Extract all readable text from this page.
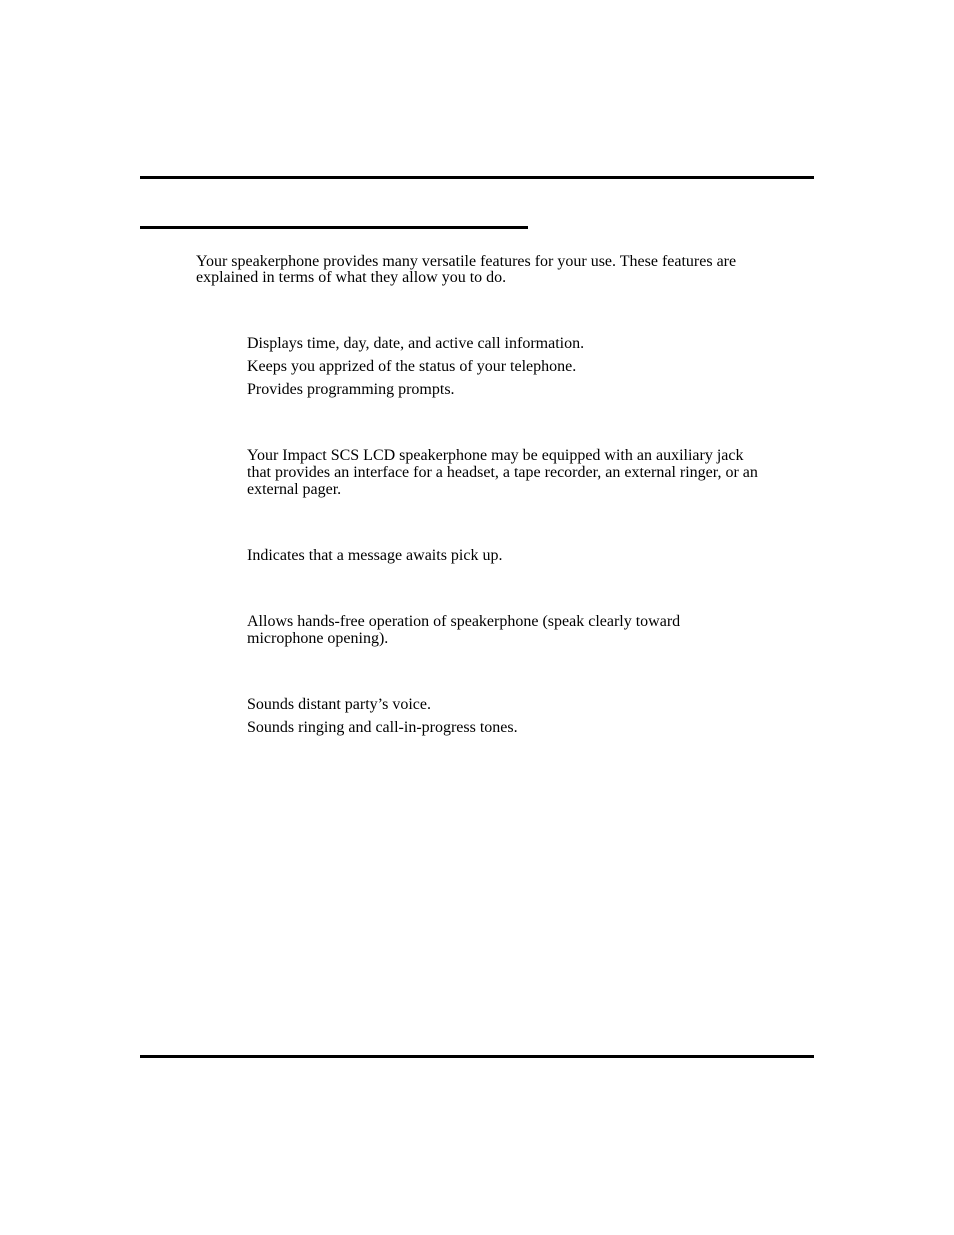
Your speakerphone provides many versatile features for your use. These features are explained in terms of what they allow you to do.

Displays time, day, date, and active call information.

Keeps you apprized of the status of your telephone.

Provides programming prompts.

Your Impact SCS LCD speakerphone may be equipped with an auxiliary jack that provides an interface for a headset, a tape recorder, an external ringer, or an external pager.

Indicates that a message awaits pick up.

Allows hands-free operation of speakerphone (speak clearly toward microphone opening).

Sounds distant party’s voice.

Sounds ringing and call-in-progress tones.
